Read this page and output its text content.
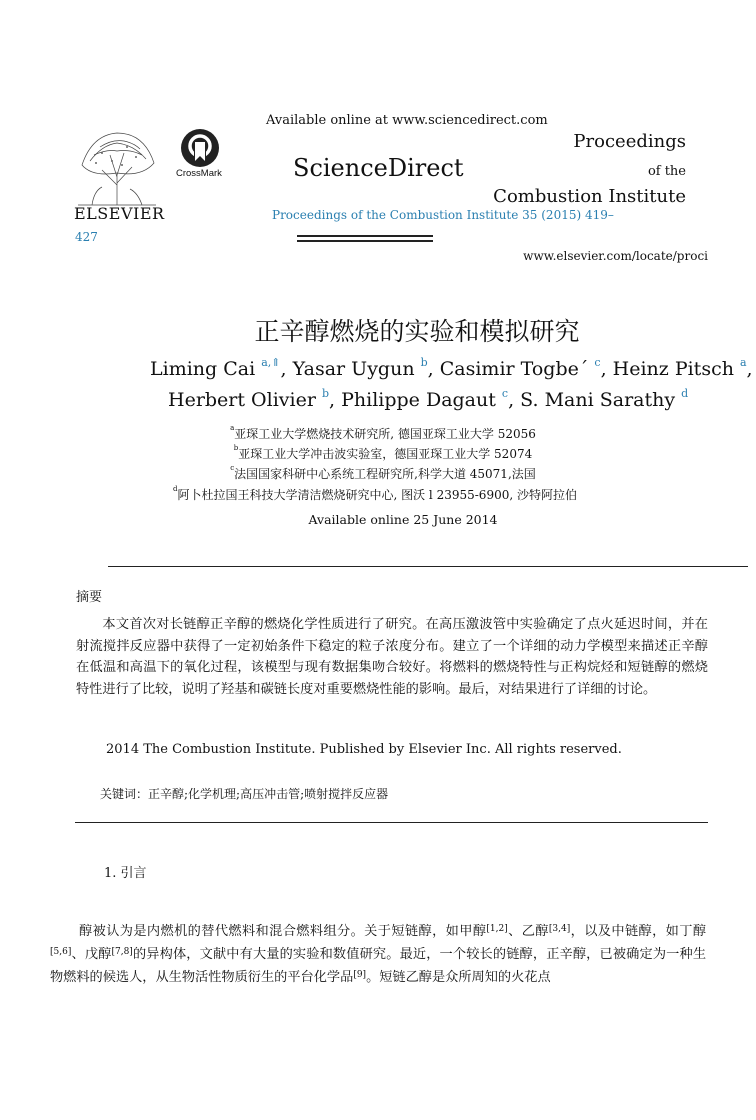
ELSEVIER
CrossMark
Available online at www.sciencedirect.com
ScienceDirect
Proceedings of the Combustion Institute 35 (2015) 419–
427
Proceedings
of the
Combustion Institute
www.elsevier.com/locate/proci
正辛醇燃烧的实验和模拟研究
Liming Cai $^{a,⇑}$, Yasar Uygun $^b$, Casimir Togbe´ $^c$, Heinz Pitsch $^a$,
Herbert Olivier $^b$, Philippe Dagaut $^c$, S. Mani Sarathy $^d$
$^a$亚琛工业大学燃烧技术研究所, 德国亚琛工业大学 52056
$^b$亚琛工业大学冲击波实验室，德国亚琛工业大学 52074
$^c$法国国家科研中心系统工程研究所,科学大道 45071,法国
$^d$阿卜杜拉国王科技大学清洁燃烧研究中心, 图沃 l 23955-6900, 沙特阿拉伯
Available online 25 June 2014
摘要
本文首次对长链醇正辛醇的燃烧化学性质进行了研究。在高压激波管中实验确定了点火延迟时间，并在射流搅拌反应器中获得了一定初始条件下稳定的粒子浓度分布。建立了一个详细的动力学模型来描述正辛醇在低温和高温下的氧化过程，该模型与现有数据集吻合较好。将燃料的燃烧特性与正构烷烃和短链醇的燃烧特性进行了比较，说明了羟基和碳链长度对重要燃烧性能的影响。最后，对结果进行了详细的讨论。
2014 The Combustion Institute. Published by Elsevier Inc. All rights reserved.
关键词：正辛醇;化学机理;高压冲击管;喷射搅拌反应器
1. 引言
醇被认为是内燃机的替代燃料和混合燃料组分。关于短链醇，如甲醇[1,2]、乙醇[3,4]，以及中链醇，如丁醇[5,6]、戊醇[7,8]的异构体，文献中有大量的实验和数值研究。最近，一个较长的链醇，正辛醇，已被确定为一种生物燃料的候选人，从生物活性物质衍生的平台化学品[9]。短链乙醇是众所周知的火花点
